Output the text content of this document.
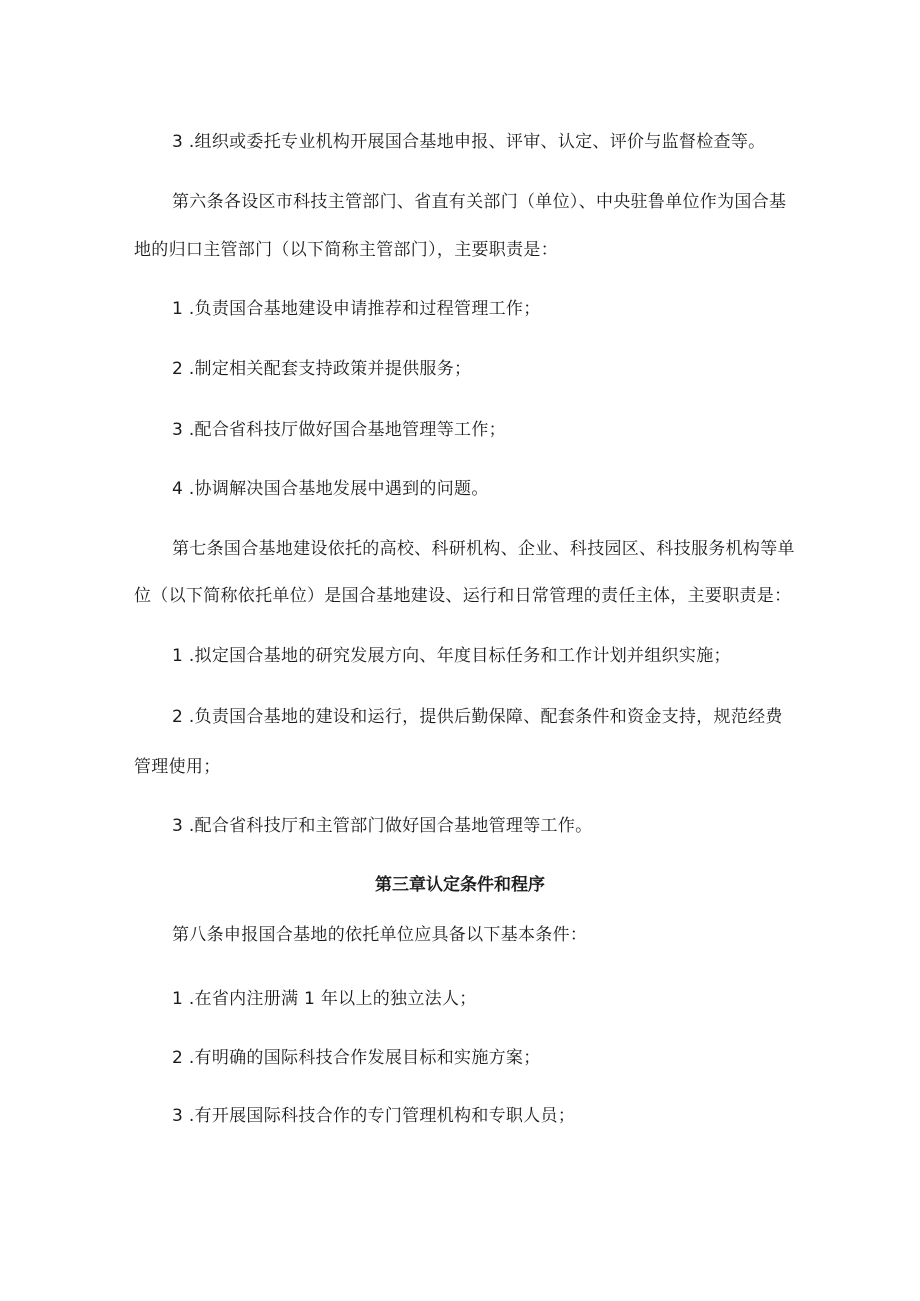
3 .组织或委托专业机构开展国合基地申报、评审、认定、评价与监督检查等。
第六条各设区市科技主管部门、省直有关部门（单位）、中央驻鲁单位作为国合基
地的归口主管部门（以下简称主管部门），主要职责是：
1 .负责国合基地建设申请推荐和过程管理工作；
2 .制定相关配套支持政策并提供服务；
3 .配合省科技厅做好国合基地管理等工作；
4 .协调解决国合基地发展中遇到的问题。
第七条国合基地建设依托的高校、科研机构、企业、科技园区、科技服务机构等单
位（以下简称依托单位）是国合基地建设、运行和日常管理的责任主体，主要职责是：
1 .拟定国合基地的研究发展方向、年度目标任务和工作计划并组织实施；
2 .负责国合基地的建设和运行，提供后勤保障、配套条件和资金支持，规范经费
管理使用；
3 .配合省科技厅和主管部门做好国合基地管理等工作。
第三章认定条件和程序
第八条申报国合基地的依托单位应具备以下基本条件：
1 .在省内注册满 1 年以上的独立法人；
2 .有明确的国际科技合作发展目标和实施方案；
3 .有开展国际科技合作的专门管理机构和专职人员；
